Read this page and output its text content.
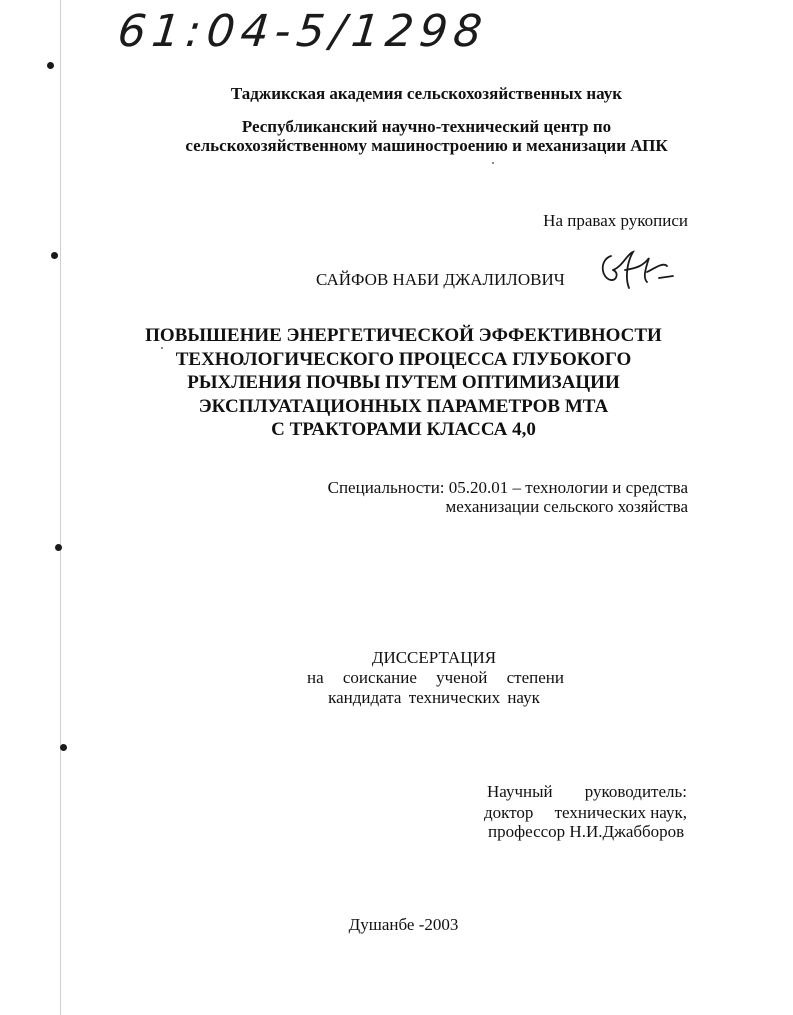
61:04-5/1298
Таджикская академия сельскохозяйственных наук
Республиканский научно-технический центр по
сельскохозяйственному машиностроению и механизации АПК
На правах рукописи
САЙФОВ НАБИ ДЖАЛИЛОВИЧ
ПОВЫШЕНИЕ ЭНЕРГЕТИЧЕСКОЙ ЭФФЕКТИВНОСТИ
ТЕХНОЛОГИЧЕСКОГО ПРОЦЕССА ГЛУБОКОГО
РЫХЛЕНИЯ ПОЧВЫ ПУТЕМ ОПТИМИЗАЦИИ
ЭКСПЛУАТАЦИОННЫХ ПАРАМЕТРОВ МТА
С ТРАКТОРАМИ КЛАССА 4,0
Специальности: 05.20.01 – технологии и средства
механизации сельского хозяйства
ДИССЕРТАЦИЯ
на соискание ученой степени
кандидата технических наук
Научный руководитель:
доктор технических наук,
профессор Н.И.Джабборов
Душанбе -2003
